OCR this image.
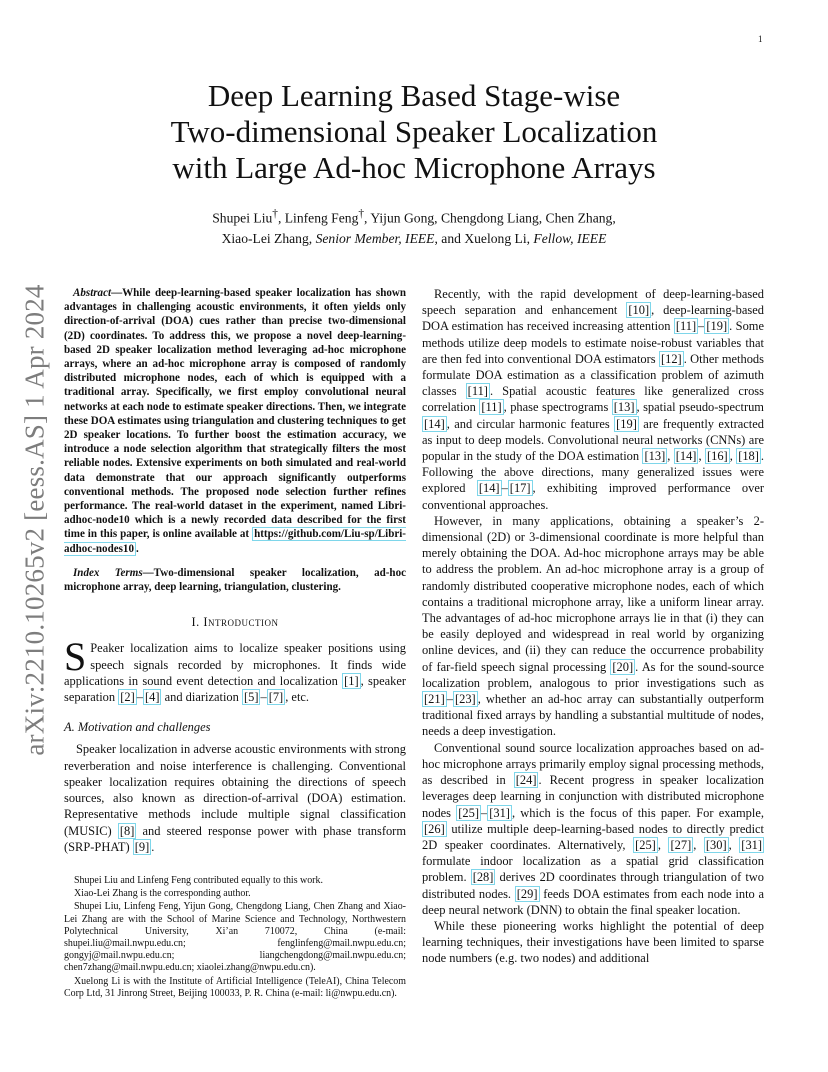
1
arXiv:2210.10265v2 [eess.AS] 1 Apr 2024
Deep Learning Based Stage-wise
Two-dimensional Speaker Localization
with Large Ad-hoc Microphone Arrays
Shupei Liu†, Linfeng Feng†, Yijun Gong, Chengdong Liang, Chen Zhang,
Xiao-Lei Zhang, Senior Member, IEEE, and Xuelong Li, Fellow, IEEE

Abstract—While deep-learning-based speaker localization has shown advantages in challenging acoustic environments, it often yields only direction-of-arrival (DOA) cues rather than precise two-dimensional (2D) coordinates. To address this, we propose a novel deep-learning-based 2D speaker localization method leveraging ad-hoc microphone arrays, where an ad-hoc microphone array is composed of randomly distributed microphone nodes, each of which is equipped with a traditional array. Specifically, we first employ convolutional neural networks at each node to estimate speaker directions. Then, we integrate these DOA estimates using triangulation and clustering techniques to get 2D speaker locations. To further boost the estimation accuracy, we introduce a node selection algorithm that strategically filters the most reliable nodes. Extensive experiments on both simulated and real-world data demonstrate that our approach significantly outperforms conventional methods. The proposed node selection further refines performance. The real-world dataset in the experiment, named Libri-adhoc-node10 which is a newly recorded data described for the first time in this paper, is online available at https://github.com/Liu-sp/Libri-adhoc-nodes10 .

Index Terms—Two-dimensional speaker localization, ad-hoc microphone array, deep learning, triangulation, clustering.

I. Introduction

S Peaker localization aims to localize speaker positions using speech signals recorded by microphones. It finds wide applications in sound event detection and localization [1] , speaker separation [2] – [4] and diarization [5] – [7] , etc.

A. Motivation and challenges

Speaker localization in adverse acoustic environments with strong reverberation and noise interference is challenging. Conventional speaker localization requires obtaining the directions of speech sources, also known as direction-of-arrival (DOA) estimation. Representative methods include multiple signal classification (MUSIC) [8] and steered response power with phase transform (SRP-PHAT) [9] .

Shupei Liu and Linfeng Feng contributed equally to this work.

Xiao-Lei Zhang is the corresponding author.

Shupei Liu, Linfeng Feng, Yijun Gong, Chengdong Liang, Chen Zhang and Xiao-Lei Zhang are with the School of Marine Science and Technology, Northwestern Polytechnical University, Xi’an 710072, China (e-mail: shupei.liu@mail.nwpu.edu.cn; fenglinfeng@mail.nwpu.edu.cn; gongyj@mail.nwpu.edu.cn; liangchengdong@mail.nwpu.edu.cn; chen7zhang@mail.nwpu.edu.cn; xiaolei.zhang@nwpu.edu.cn).

Xuelong Li is with the Institute of Artificial Intelligence (TeleAI), China Telecom Corp Ltd, 31 Jinrong Street, Beijing 100033, P. R. China (e-mail: li@nwpu.edu.cn).

Recently, with the rapid development of deep-learning-based speech separation and enhancement [10] , deep-learning-based DOA estimation has received increasing attention [11] – [19] . Some methods utilize deep models to estimate noise-robust variables that are then fed into conventional DOA estimators [12] . Other methods formulate DOA estimation as a classification problem of azimuth classes [11] . Spatial acoustic features like generalized cross correlation [11] , phase spectrograms [13] , spatial pseudo-spectrum [14] , and circular harmonic features [19] are frequently extracted as input to deep models. Convolutional neural networks (CNNs) are popular in the study of the DOA estimation [13] , [14] , [16] , [18] . Following the above directions, many generalized issues were explored [14] – [17] , exhibiting improved performance over conventional approaches.

However, in many applications, obtaining a speaker’s 2-dimensional (2D) or 3-dimensional coordinate is more helpful than merely obtaining the DOA. Ad-hoc microphone arrays may be able to address the problem. An ad-hoc microphone array is a group of randomly distributed cooperative microphone nodes, each of which contains a traditional microphone array, like a uniform linear array. The advantages of ad-hoc microphone arrays lie in that (i) they can be easily deployed and widespread in real world by organizing online devices, and (ii) they can reduce the occurrence probability of far-field speech signal processing [20] . As for the sound-source localization problem, analogous to prior investigations such as [21] – [23] , whether an ad-hoc array can substantially outperform traditional fixed arrays by handling a substantial multitude of nodes, needs a deep investigation.

Conventional sound source localization approaches based on ad-hoc microphone arrays primarily employ signal processing methods, as described in [24] . Recent progress in speaker localization leverages deep learning in conjunction with distributed microphone nodes [25] – [31] , which is the focus of this paper. For example, [26] utilize multiple deep-learning-based nodes to directly predict 2D speaker coordinates. Alternatively, [25] , [27] , [30] , [31] formulate indoor localization as a spatial grid classification problem. [28] derives 2D coordinates through triangulation of two distributed nodes. [29] feeds DOA estimates from each node into a deep neural network (DNN) to obtain the final speaker location.

While these pioneering works highlight the potential of deep learning techniques, their investigations have been limited to sparse node numbers (e.g. two nodes) and additional
